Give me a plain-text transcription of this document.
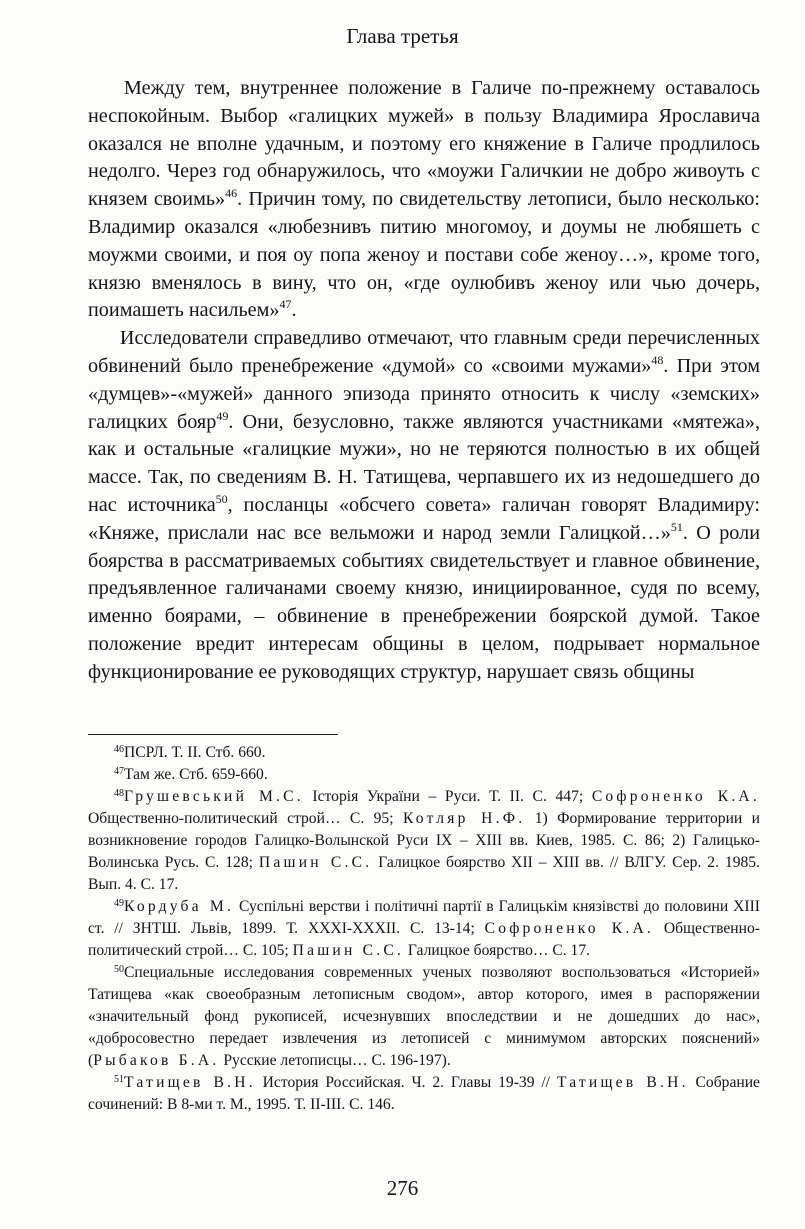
Глава третья

Между тем, внутреннее положение в Галиче по-прежнему оставалось неспокойным. Выбор «галицких мужей» в пользу Владимира Ярославича оказался не вполне удачным, и поэтому его княжение в Галиче продлилось недолго. Через год обнаружилось, что «моужи Галичкии не добро живоуть с князем своимь»$^{46}$. Причин тому, по свидетельству летописи, было несколько: Владимир оказался «любезнивъ питию многомоу, и доумы не любяшеть с моужми своими, и поя оу попа женоу и постави собе женоу…», кроме того, князю вменялось в вину, что он, «где оулюбивъ женоу или чью дочерь, поимашеть насильем»$^{47}$.

Исследователи справедливо отмечают, что главным среди перечисленных обвинений было пренебрежение «думой» со «своими мужами»$^{48}$. При этом «думцев»-«мужей» данного эпизода принято относить к числу «земских» галицких бояр$^{49}$. Они, безусловно, также являются участниками «мятежа», как и остальные «галицкие мужи», но не теряются полностью в их общей массе. Так, по сведениям В. Н. Татищева, черпавшего их из недошедшего до нас источника$^{50}$, посланцы «обсчего совета» галичан говорят Владимиру: «Княже, прислали нас все вельможи и народ земли Галицкой…»$^{51}$. О роли боярства в рассматриваемых событиях свидетельствует и главное обвинение, предъявленное галичанами своему князю, инициированное, судя по всему, именно боярами, – обвинение в пренебрежении боярской думой. Такое положение вредит интересам общины в целом, подрывает нормальное функционирование ее руководящих структур, нарушает связь общины

$^{46}$ПСРЛ. Т. II. Стб. 660.

$^{47}$Там же. Стб. 659-660.

$^{48}$Грушевський М.С. Історія України – Руси. Т. II. С. 447; Софроненко К.А. Общественно-политический строй… С. 95; Котляр Н.Ф. 1) Формирование территории и возникновение городов Галицко-Волынской Руси IX – XIII вв. Киев, 1985. С. 86; 2) Галицько-Волинська Русь. С. 128; Пашин С.С. Галицкое боярство XII – XIII вв. // ВЛГУ. Сер. 2. 1985. Вып. 4. С. 17.

$^{49}$Кордуба М. Суспільні верстви і політичні партії в Галицькім князівстві до половини XIII ст. // ЗНТШ. Львів, 1899. Т. XXXI-XXXII. С. 13-14; Софроненко К.А. Общественно-политический строй… С. 105; Пашин С.С. Галицкое боярство… С. 17.

$^{50}$Специальные исследования современных ученых позволяют воспользоваться «Историей» Татищева «как своеобразным летописным сводом», автор которого, имея в распоряжении «значительный фонд рукописей, исчезнувших впоследствии и не дошедших до нас», «добросовестно передает извлечения из летописей с минимумом авторских пояснений» (Рыбаков Б.А. Русские летописцы… С. 196-197).

$^{51}$Татищев В.Н. История Российская. Ч. 2. Главы 19-39 // Татищев В.Н. Собрание сочинений: В 8-ми т. М., 1995. Т. II-III. С. 146.

276
